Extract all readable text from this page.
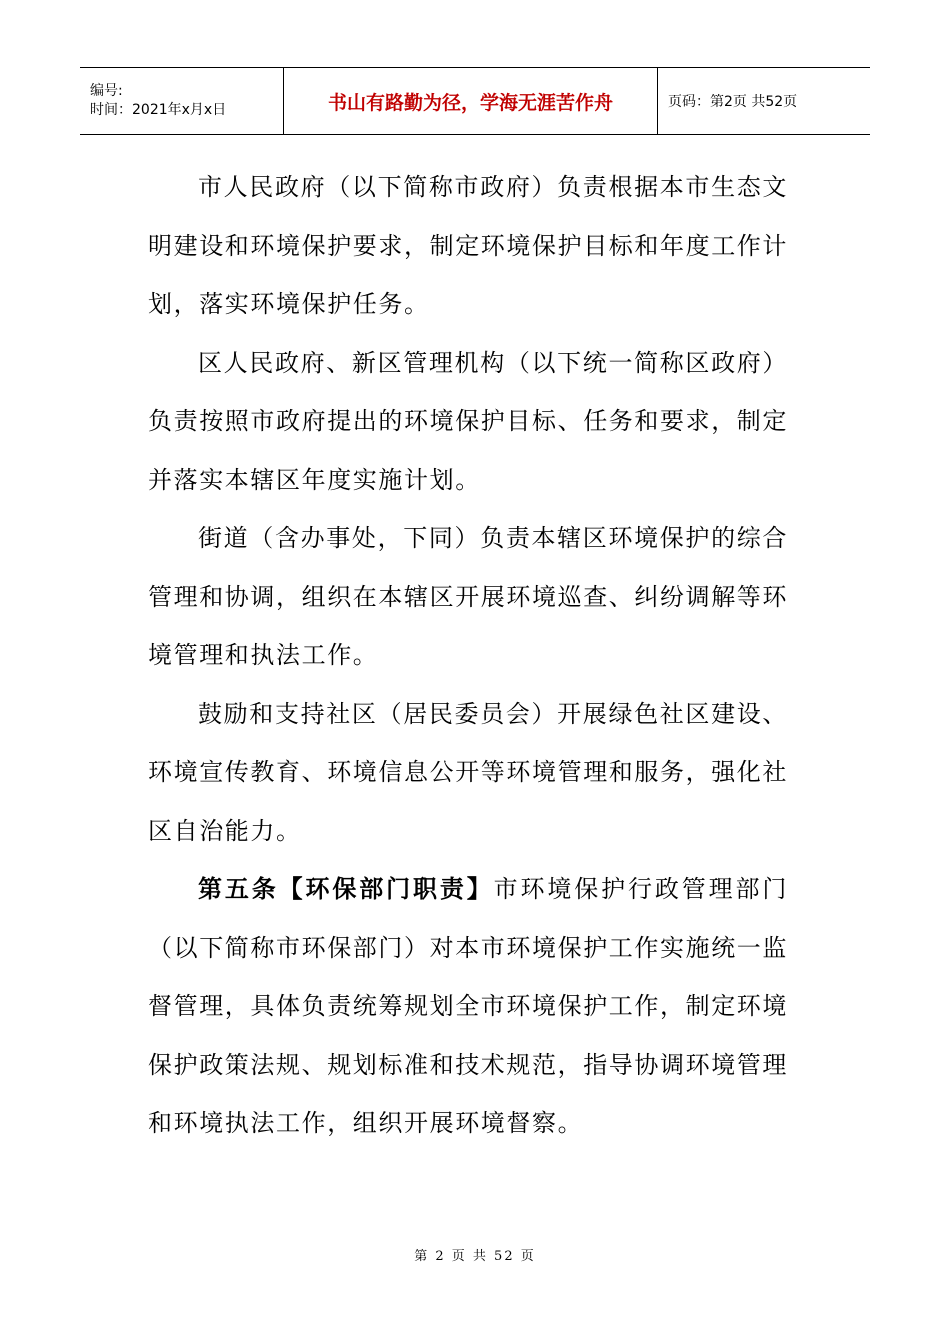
编号:
时间：2021年x月x日	书山有路勤为径，学海无涯苦作舟	页码：第2页 共52页

市人民政府（以下简称市政府）负责根据本市生态文明建设和环境保护要求，制定环境保护目标和年度工作计划，落实环境保护任务。

区人民政府、新区管理机构（以下统一简称区政府）负责按照市政府提出的环境保护目标、任务和要求，制定并落实本辖区年度实施计划。

街道（含办事处，下同）负责本辖区环境保护的综合管理和协调，组织在本辖区开展环境巡查、纠纷调解等环境管理和执法工作。

鼓励和支持社区（居民委员会）开展绿色社区建设、环境宣传教育、环境信息公开等环境管理和服务，强化社区自治能力。

第五条【环保部门职责】市环境保护行政管理部门（以下简称市环保部门）对本市环境保护工作实施统一监督管理，具体负责统筹规划全市环境保护工作，制定环境保护政策法规、规划标准和技术规范，指导协调环境管理和环境执法工作，组织开展环境督察。

第 2 页 共 52 页
